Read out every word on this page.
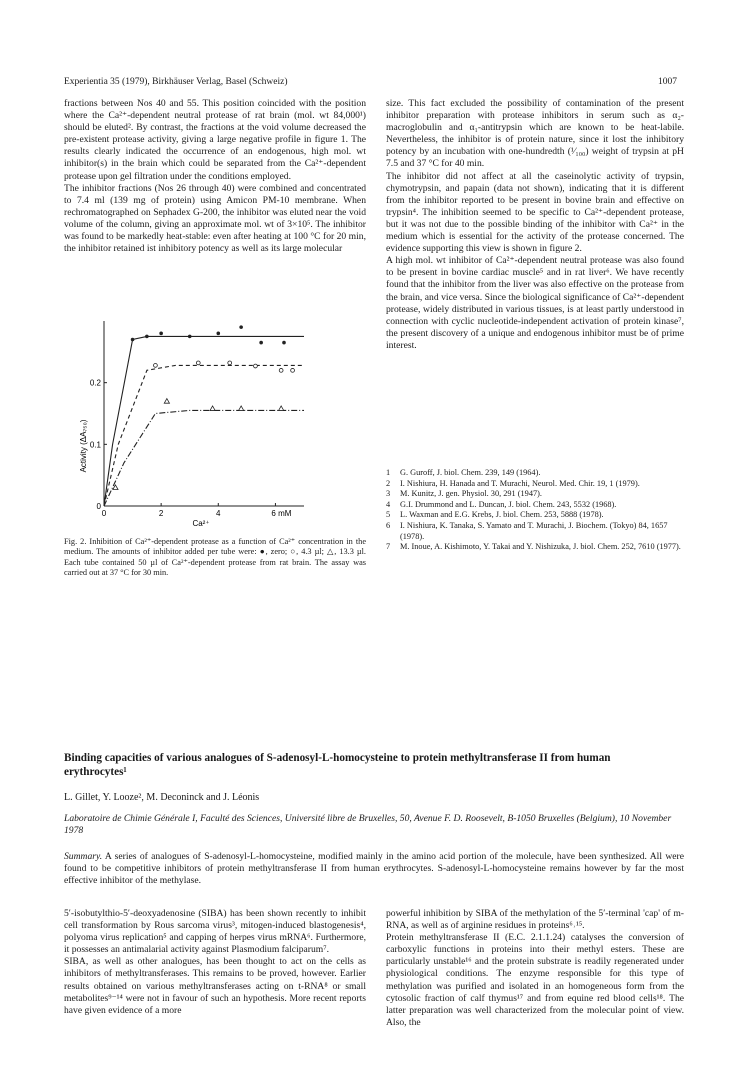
Experientia 35 (1979), Birkhäuser Verlag, Basel (Schweiz)	1007

fractions between Nos 40 and 55. This position coincided with the position where the Ca²⁺-dependent neutral protease of rat brain (mol. wt 84,000¹) should be eluted². By contrast, the fractions at the void volume decreased the pre-existent protease activity, giving a large negative profile in figure 1. The results clearly indicated the occurrence of an endogenous, high mol. wt inhibitor(s) in the brain which could be separated from the Ca²⁺-dependent protease upon gel filtration under the conditions employed.

The inhibitor fractions (Nos 26 through 40) were combined and concentrated to 7.4 ml (139 mg of protein) using Amicon PM-10 membrane. When rechromatographed on Sephadex G-200, the inhibitor was eluted near the void volume of the column, giving an approximate mol. wt of 3×10⁵. The inhibitor was found to be markedly heat-stable: even after heating at 100 °C for 20 min, the inhibitor retained ist inhibitory potency as well as its large molecular

size. This fact excluded the possibility of contamination of the present inhibitor preparation with protease inhibitors in serum such as α₂-macroglobulin and α₁-antitrypsin which are known to be heat-labile. Nevertheless, the inhibitor is of protein nature, since it lost the inhibitory potency by an incubation with one-hundredth (¹⁄₁₀₀) weight of trypsin at pH 7.5 and 37 °C for 40 min.

The inhibitor did not affect at all the caseinolytic activity of trypsin, chymotrypsin, and papain (data not shown), indicating that it is different from the inhibitor reported to be present in bovine brain and effective on trypsin⁴. The inhibition seemed to be specific to Ca²⁺-dependent protease, but it was not due to the possible binding of the inhibitor with Ca²⁺ in the medium which is essential for the activity of the protease concerned. The evidence supporting this view is shown in figure 2.

A high mol. wt inhibitor of Ca²⁺-dependent neutral protease was also found to be present in bovine cardiac muscle⁵ and in rat liver⁶. We have recently found that the inhibitor from the liver was also effective on the protease from the brain, and vice versa. Since the biological significance of Ca²⁺-dependent protease, widely distributed in various tissues, is at least partly understood in connection with cyclic nucleotide-independent activation of protein kinase⁷, the present discovery of a unique and endogenous inhibitor must be of prime interest.

0	2	4	6 mM
0
0.1
0.2
Activity (ΔA₇₅₀)
Ca²⁺
Fig. 2. Inhibition of Ca²⁺-dependent protease as a function of Ca²⁺ concentration in the medium. The amounts of inhibitor added per tube were: ●, zero; ○, 4.3 µl; △, 13.3 µl. Each tube contained 50 µl of Ca²⁺-dependent protease from rat brain. The assay was carried out at 37 °C for 30 min.
1	G. Guroff, J. biol. Chem. 239, 149 (1964).
2	I. Nishiura, H. Hanada and T. Murachi, Neurol. Med. Chir. 19, 1 (1979).
3	M. Kunitz, J. gen. Physiol. 30, 291 (1947).
4	G.I. Drummond and L. Duncan, J. biol. Chem. 243, 5532 (1968).
5	L. Waxman and E.G. Krebs, J. biol. Chem. 253, 5888 (1978).
6	I. Nishiura, K. Tanaka, S. Yamato and T. Murachi, J. Biochem. (Tokyo) 84, 1657 (1978).
7	M. Inoue, A. Kishimoto, Y. Takai and Y. Nishizuka, J. biol. Chem. 252, 7610 (1977).
Binding capacities of various analogues of S-adenosyl-L-homocysteine to protein methyltransferase II from human erythrocytes¹
L. Gillet, Y. Looze², M. Deconinck and J. Léonis
Laboratoire de Chimie Générale I, Faculté des Sciences, Université libre de Bruxelles, 50, Avenue F. D. Roosevelt, B-1050 Bruxelles (Belgium), 10 November 1978
Summary. A series of analogues of S-adenosyl-L-homocysteine, modified mainly in the amino acid portion of the molecule, have been synthesized. All were found to be competitive inhibitors of protein methyltransferase II from human erythrocytes. S-adenosyl-L-homocysteine remains however by far the most effective inhibitor of the methylase.

5′-isobutylthio-5′-deoxyadenosine (SIBA) has been shown recently to inhibit cell transformation by Rous sarcoma virus³, mitogen-induced blastogenesis⁴, polyoma virus replication⁵ and capping of herpes virus mRNA⁶. Furthermore, it possesses an antimalarial activity against Plasmodium falciparum⁷.

SIBA, as well as other analogues, has been thought to act on the cells as inhibitors of methyltransferases. This remains to be proved, however. Earlier results obtained on various methyltransferases acting on t-RNA⁸ or small metabolites⁹⁻¹⁴ were not in favour of such an hypothesis. More recent reports have given evidence of a more

powerful inhibition by SIBA of the methylation of the 5′-terminal 'cap' of m-RNA, as well as of arginine residues in proteins⁶˒¹⁵.

Protein methyltransferase II (E.C. 2.1.1.24) catalyses the conversion of carboxylic functions in proteins into their methyl esters. These are particularly unstable¹⁶ and the protein substrate is readily regenerated under physiological conditions. The enzyme responsible for this type of methylation was purified and isolated in an homogeneous form from the cytosolic fraction of calf thymus¹⁷ and from equine red blood cells¹⁸. The latter preparation was well characterized from the molecular point of view. Also, the
